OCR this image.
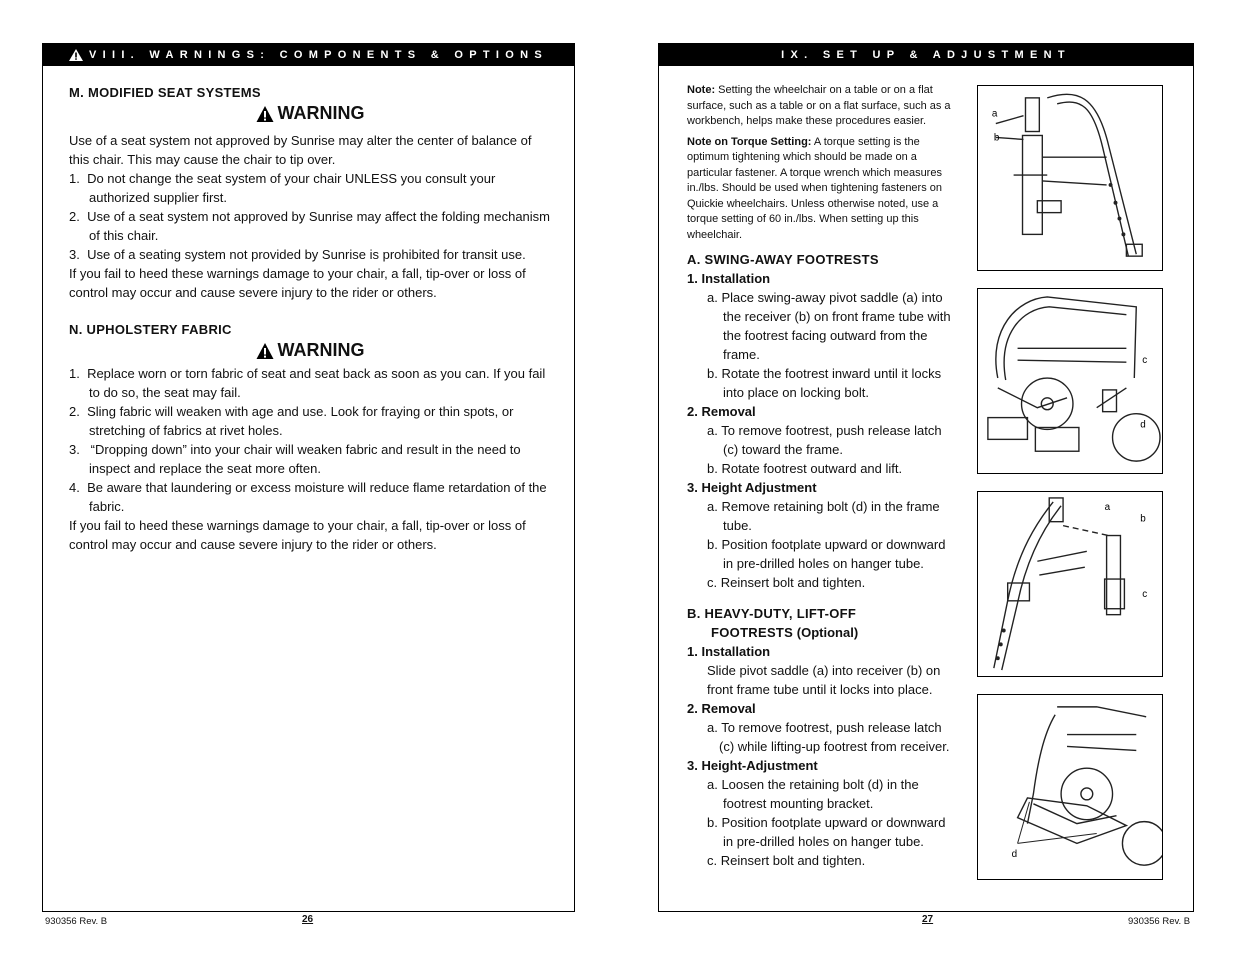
VIII. WARNINGS: COMPONENTS & OPTIONS

M. MODIFIED SEAT SYSTEMS

WARNING

Use of a seat system not approved by Sunrise may alter the center of balance of this chair. This may cause the chair to tip over.

1.  Do not change the seat system of your chair UNLESS you consult your authorized supplier first.

2.  Use of a seat system not approved by Sunrise may affect the folding mechanism of this chair.

3.  Use of a seating system not provided by Sunrise is prohibited for transit use.

If you fail to heed these warnings damage to your chair, a fall, tip-over or loss of control may occur and cause severe injury to the rider or others.

N. UPHOLSTERY FABRIC

WARNING

1.  Replace worn or torn fabric of seat and seat back as soon as you can. If you fail to do so, the seat may fail.

2.  Sling fabric will weaken with age and use. Look for fraying or thin spots, or stretching of fabrics at rivet holes.

3.   “Dropping down” into your chair will weaken fabric and result in the need to inspect and replace the seat more often.

4.  Be aware that laundering or excess moisture will reduce flame retardation of the fabric.

If you fail to heed these warnings damage to your chair, a fall, tip-over or loss of control may occur and cause severe injury to the rider or others.

930356 Rev. B	26
IX. SET UP & ADJUSTMENT

Note: Setting the wheelchair on a table or on a flat surface, such as a table or on a flat surface, such as a workbench, helps make these procedures easier.

Note on Torque Setting: A torque setting is the optimum tightening which should be made on a particular fastener. A torque wrench which measures in./lbs. Should be used when tightening fasteners on Quickie wheelchairs. Unless otherwise noted, use a torque setting of 60 in./lbs. When setting up this wheelchair.

A. SWING-AWAY FOOTRESTS

1. Installation

a. Place swing-away pivot saddle (a) into the receiver (b) on front frame tube with the footrest facing outward from the frame.

b. Rotate the footrest inward until it locks into place on locking bolt.

2. Removal

a. To remove footrest, push release latch (c) toward the frame.

b. Rotate footrest outward and lift.

3. Height Adjustment

a. Remove retaining bolt (d) in the frame tube.

b. Position footplate upward or downward in pre-drilled holes on hanger tube.

c. Reinsert bolt and tighten.

B. HEAVY-DUTY, LIFT-OFF

FOOTRESTS (Optional)

1. Installation

Slide pivot saddle (a) into receiver (b) on front frame tube until it locks into place.

2. Removal

a. To remove footrest, push release latch (c) while lifting-up footrest from receiver.

3. Height-Adjustment

a. Loosen the retaining bolt (d) in the footrest mounting bracket.

b. Position footplate upward or downward in pre-drilled holes on hanger tube.

c. Reinsert bolt and tighten.

a
b
c
d
a
b
c
d
27	930356 Rev. B
